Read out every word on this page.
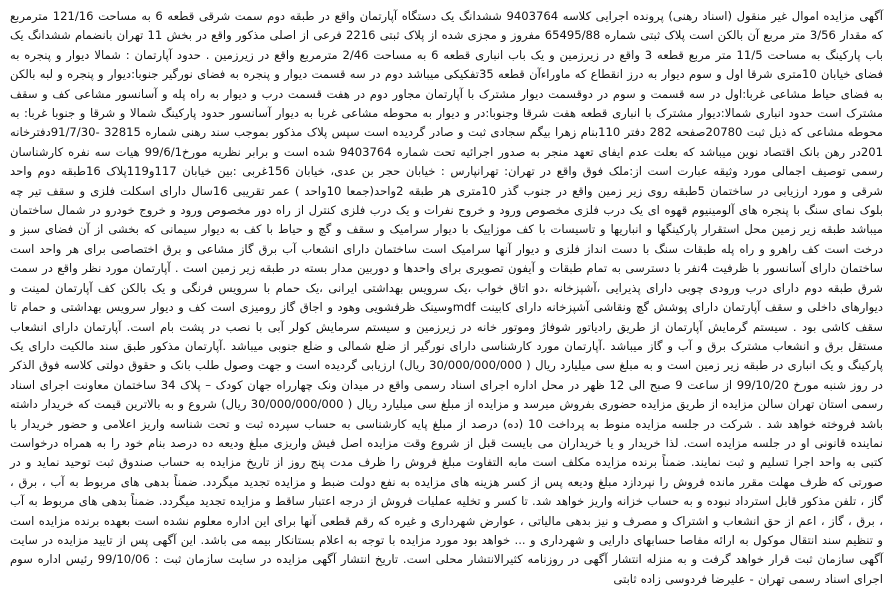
آگهی مزایده اموال غیر منقول (اسناد رهنی) پرونده اجرایی کلاسه 9403764 ششدانگ یک دستگاه آپارتمان واقع در طبقه دوم سمت شرقی قطعه 6 به مساحت 121/16 مترمربع که مقدار 3/56 متر مربع آن بالکن است پلاک ثبتی شماره 65495/88 مفروز و مجزی شده از پلاک ثبتی 2216 فرعی از اصلی مذکور واقع در بخش 11 تهران بانضمام ششدانگ یک باب پارکینگ به مساحت 11/5 متر مربع قطعه 3 واقع در زیرزمین و یک باب انباری قطعه 6 به مساحت 2/46 مترمربع واقع در زیرزمین . حدود آپارتمان : شمالا دیوار و پنجره به فضای خیابان 10متری شرقا اول و سوم دیوار به درز انقطاع که ماوراءآن قطعه 35تفکیکی میباشد دوم در سه قسمت دیوار و پنجره به فضای نورگیر جنوبا:دیوار و پنجره و لبه بالکن به فضای حیاط مشاعی غربا:اول در سه قسمت و سوم در دوقسمت دیوار مشترک با آپارتمان مجاور دوم در هفت قسمت درب و دیوار به راه پله و آسانسور مشاعی کف و سقف مشترک است حدود انباری شمالا:دیوار مشترک با انباری قطعه هفت شرقا وجنوبا:در و دیوار به محوطه مشاعی غربا به دیوار آسانسور حدود پارکینگ شمالا و شرقا و جنوبا غربا: به محوطه مشاعی که ذیل ثبت 20780صفحه 282 دفتر 110بنام زهرا بیگم سجادی ثبت و صادر گردیده است سپس پلاک مذکور بموجب سند رهنی شماره 32815 -91/7/30دفترخانه 201در رهن بانک اقتصاد نوین میباشد که بعلت عدم ایفای تعهد منجر به صدور اجرائیه تحت شماره 9403764 شده است و برابر نظریه مورخ99/6/1 هیات سه نفره کارشناسان رسمی توصیف اجمالی مورد وثیقه عبارت است از:ملک فوق واقع در تهران: تهرانپارس : خیابان حجر بن عدی، خیابان 156غربی :بین خیابان 117و119پلاک 16طبقه دوم واحد شرقی و مورد ارزیابی در ساختمان 5طبقه روی زیر زمین واقع در جنوب گذر 10متری هر طبقه 2واحد(جمعا 10واحد ) عمر تقریبی 16سال دارای اسکلت فلزی و سقف تیر چه بلوک نمای سنگ با پنجره های آلومینیوم قهوه ای یک درب فلزی مخصوص ورود و خروج نفرات و یک درب فلزی کنترل از راه دور مخصوص ورود و خروج خودرو در شمال ساختمان میباشد طبقه زیر زمین محل استقرار پارکینگها و انباریها و تاسیسات با کف موزاییک با دیوار سرامیک و سقف و گچ و حیاط با کف به دیوار سیمانی که بخشی از آن فضای سبز و درخت است کف راهرو و راه پله طبقات سنگ با دست انداز فلزی و دیوار آنها سرامیک است ساختمان دارای انشعاب آب برق گاز مشاعی و برق اختصاصی برای هر واحد است ساختمان دارای آسانسور با ظرفیت 4نفر با دسترسی به تمام طبقات و آیفون تصویری برای واحدها و دوربین مدار بسته در طبقه زیر زمین است . آپارتمان مورد نظر واقع در سمت شرق طبقه دوم دارای درب ورودی چوبی دارای پذیرایی ،آشپزخانه ،دو اتاق خواب ،یک سرویس بهداشتی ایرانی ،یک حمام با سرویس فرنگی و یک بالکن کف آپارتمان لمینت و دیوارهای داخلی و سقف آپارتمان دارای پوشش گچ ونقاشی آشپزخانه دارای کابینت mdfوسینک ظرفشویی وهود و اجاق گاز رومیزی است کف و دیوار سرویس بهداشتی و حمام تا سقف کاشی بود . سیستم گرمایش آپارتمان از طریق رادیاتور شوفاژ وموتور خانه در زیرزمین و سیستم سرمایش کولر آبی با نصب در پشت بام است. آپارتمان دارای انشعاب مستقل برق و انشعاب مشترک برق و آب و گاز میباشد .آپارتمان مورد کارشناسی دارای نورگیر از ضلع شمالی و ضلع جنوبی میباشد .آپارتمان مذکور طبق سند مالکیت دارای یک پارکینگ و یک انباری در طبقه زیر زمین است و به مبلغ سی میلیارد ریال ( 30/000/000/000 ریال) ارزیابی گردیده است و جهت وصول طلب بانک و حقوق دولتی کلاسه فوق الذکر در روز شنبه مورخ 99/10/20 از ساعت 9 صبح الی 12 ظهر در محل اداره اجرای اسناد رسمی واقع در میدان ونک چهارراه جهان کودک – پلاک 34 ساختمان معاونت اجرای اسناد رسمی استان تهران سالن مزایده از طریق مزایده حضوری بفروش میرسد و مزایده از مبلغ سی میلیارد ریال ( 30/000/000/000 ریال) شروع و به بالاترین قیمت که خریدار داشته باشد فروخته خواهد شد . شرکت در جلسه مزایده منوط به پرداخت 10 (ده) درصد از مبلغ پایه کارشناسی به حساب سپرده ثبت و تحت شناسه واریز اعلامی و حضور خریدار با نماینده قانونی او در جلسه مزایده است. لذا خریدار و یا خریداران می بایست قبل از شروع وقت مزایده اصل فیش واریزی مبلغ ودیعه ده درصد بنام خود را به همراه درخواست کتبی به واحد اجرا تسلیم و ثبت نمایند. ضمناً برنده مزایده مکلف است مابه التفاوت مبلغ فروش را ظرف مدت پنج روز از تاریخ مزایده به حساب صندوق ثبت توحید نماید و در صورتی که ظرف مهلت مقرر مانده فروش را نپردازد مبلغ ودیعه پس از کسر هزینه های مزایده به نفع دولت ضبط و مزایده تجدید میگردد. ضمناً بدهی های مربوط به آب ، برق ، گاز ، تلفن مذکور قابل استرداد نبوده و به حساب خزانه واریز خواهد شد. تا کسر و تخلیه عملیات فروش از درجه اعتبار ساقط و مزایده تجدید میگردد. ضمناً بدهی های مربوط به آب ، برق ، گاز ، اعم از حق انشعاب و اشتراک و مصرف و نیز بدهی مالیاتی ، عوارض شهرداری و غیره که رقم قطعی آنها برای این اداره معلوم نشده است بعهده برنده مزایده است و تنظیم سند انتقال موکول به ارائه مفاصا حسابهای دارایی و شهرداری و ... خواهد بود مورد مزایده با توجه به اعلام بستانکار بیمه می باشد. این آگهی پس از تایید مزایده در سایت آگهی سازمان ثبت قرار خواهد گرفت و به منزله انتشار آگهی در روزنامه کثیرالانتشار محلی است. تاریخ انتشار آگهی مزایده در سایت سازمان ثبت : 99/10/06 رئیس اداره سوم اجرای اسناد رسمی تهران - علیرضا فردوسی زاده ثابتی
